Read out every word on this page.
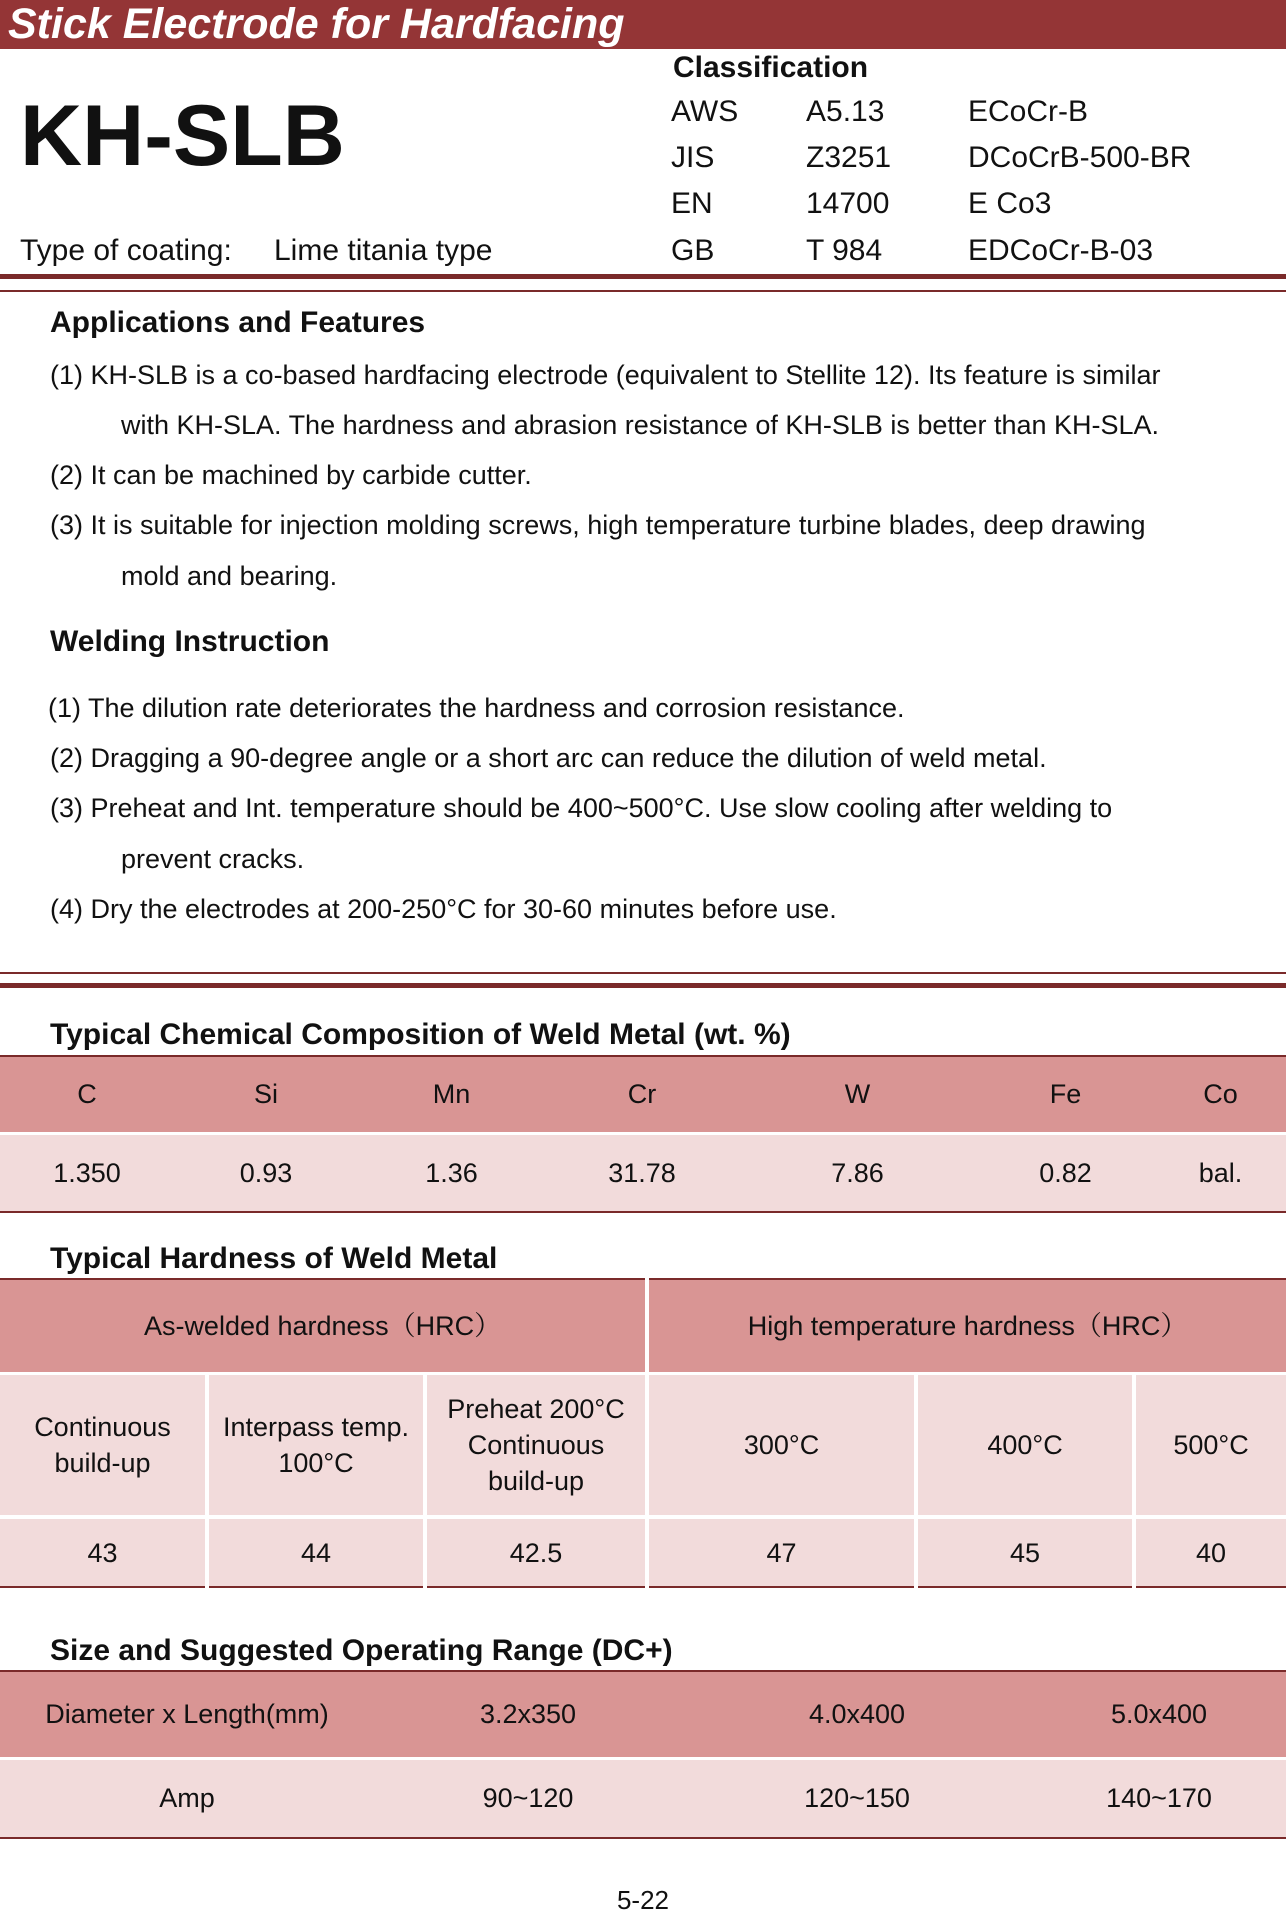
Stick Electrode for Hardfacing
KH-SLB
Type of coating: Lime titania type
Classification
AWS A5.13	ECoCr-B
JIS	Z3251	DCoCrB-500-BR
EN	14700	E Co3
GB	T 984	EDCoCr-B-03
Applications and Features
(1) KH-SLB is a co-based hardfacing electrode (equivalent to Stellite 12). Its feature is similar
with KH-SLA. The hardness and abrasion resistance of KH-SLB is better than KH-SLA.
(2) It can be machined by carbide cutter.
(3) It is suitable for injection molding screws, high temperature turbine blades, deep drawing
mold and bearing.
Welding Instruction
(1) The dilution rate deteriorates the hardness and corrosion resistance.
(2) Dragging a 90-degree angle or a short arc can reduce the dilution of weld metal.
(3) Preheat and Int. temperature should be 400~500°C. Use slow cooling after welding to
prevent cracks.
(4) Dry the electrodes at 200-250°C for 30-60 minutes before use.
Typical Chemical Composition of Weld Metal (wt. %)
C	Si	Mn	Cr	W	Fe	Co
1.350	0.93	1.36	31.78	7.86	0.82	bal.
Typical Hardness of Weld Metal
As-welded hardness（HRC）			High temperature hardness（HRC）		
Continuous
build-up	Interpass temp.
100°C	Preheat 200°C
Continuous
build-up	300°C	400°C	500°C
43	44	42.5	47	45	40
Size and Suggested Operating Range (DC+)
Diameter x Length(mm)	3.2x350	4.0x400	5.0x400
Amp	90~120	120~150	140~170
5-22
